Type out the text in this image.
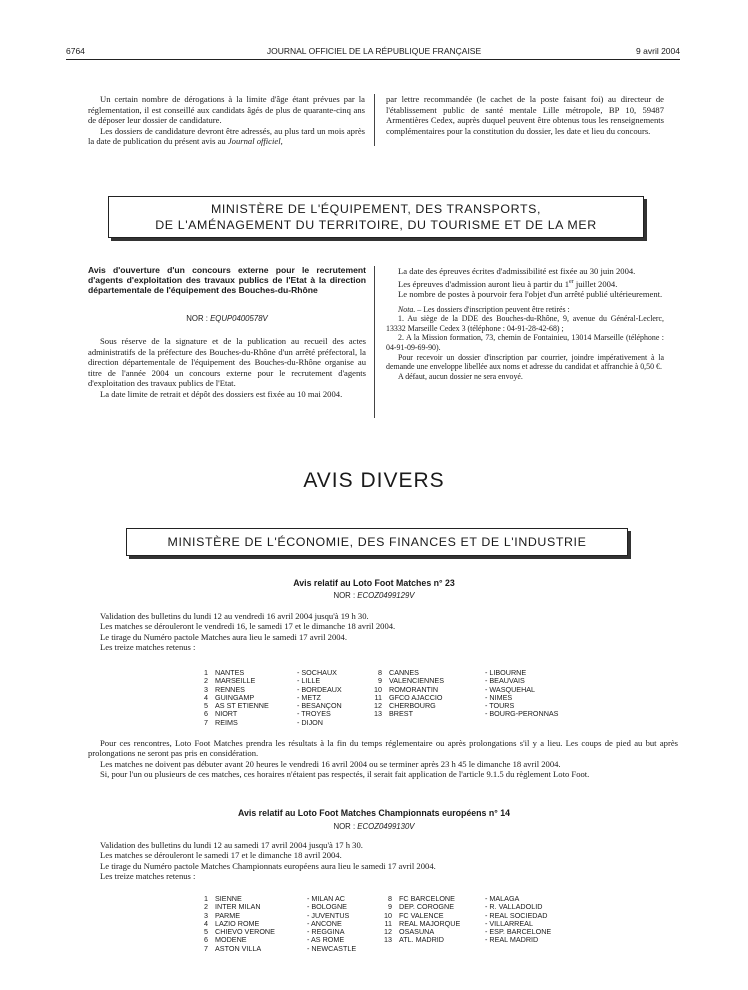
6764	JOURNAL OFFICIEL DE LA RÉPUBLIQUE FRANÇAISE	9 avril 2004

Un certain nombre de dérogations à la limite d'âge étant prévues par la réglementation, il est conseillé aux candidats âgés de plus de quarante-cinq ans de déposer leur dossier de candidature.

Les dossiers de candidature devront être adressés, au plus tard un mois après la date de publication du présent avis au Journal officiel,

par lettre recommandée (le cachet de la poste faisant foi) au directeur de l'établissement public de santé mentale Lille métropole, BP 10, 59487 Armentières Cedex, auprès duquel peuvent être obtenus tous les renseignements complémentaires pour la constitution du dossier, les date et lieu du concours.

MINISTÈRE DE L'ÉQUIPEMENT, DES TRANSPORTS,
DE L'AMÉNAGEMENT DU TERRITOIRE, DU TOURISME ET DE LA MER
Avis d'ouverture d'un concours externe pour le recrutement d'agents d'exploitation des travaux publics de l'Etat à la direction départementale de l'équipement des Bouches-du-Rhône
NOR : EQUP0400578V

Sous réserve de la signature et de la publication au recueil des actes administratifs de la préfecture des Bouches-du-Rhône d'un arrêté préfectoral, la direction départementale de l'équipement des Bouches-du-Rhône organise au titre de l'année 2004 un concours externe pour le recrutement d'agents d'exploitation des travaux publics de l'Etat.

La date limite de retrait et dépôt des dossiers est fixée au 10 mai 2004.

La date des épreuves écrites d'admissibilité est fixée au 30 juin 2004.

Les épreuves d'admission auront lieu à partir du 1er juillet 2004.

Le nombre de postes à pourvoir fera l'objet d'un arrêté publié ultérieurement.

Nota. – Les dossiers d'inscription peuvent être retirés :

1. Au siège de la DDE des Bouches-du-Rhône, 9, avenue du Général-Leclerc, 13332 Marseille Cedex 3 (téléphone : 04-91-28-42-68) ;

2. A la Mission formation, 73, chemin de Fontainieu, 13014 Marseille (téléphone : 04-91-09-69-90).

Pour recevoir un dossier d'inscription par courrier, joindre impérativement à la demande une enveloppe libellée aux noms et adresse du candidat et affranchie à 0,50 €.

A défaut, aucun dossier ne sera envoyé.

AVIS DIVERS
MINISTÈRE DE L'ÉCONOMIE, DES FINANCES ET DE L'INDUSTRIE
Avis relatif au Loto Foot Matches n° 23
NOR : ECOZ0499129V

Validation des bulletins du lundi 12 au vendredi 16 avril 2004 jusqu'à 19 h 30.

Les matches se dérouleront le vendredi 16, le samedi 17 et le dimanche 18 avril 2004.

Le tirage du Numéro pactole Matches aura lieu le samedi 17 avril 2004.

Les treize matches retenus :

1	NANTES	- SOCHAUX
2	MARSEILLE	- LILLE
3	RENNES	- BORDEAUX
4	GUINGAMP	- METZ
5	AS ST ETIENNE	- BESANÇON
6	NIORT	- TROYES
7	REIMS	- DIJON
8	CANNES	- LIBOURNE
9	VALENCIENNES	- BEAUVAIS
10	ROMORANTIN	- WASQUEHAL
11	GFCO AJACCIO	- NIMES
12	CHERBOURG	- TOURS
13	BREST	- BOURG-PERONNAS

Pour ces rencontres, Loto Foot Matches prendra les résultats à la fin du temps réglementaire ou après prolongations s'il y a lieu. Les coups de pied au but après prolongations ne seront pas pris en considération.

Les matches ne doivent pas débuter avant 20 heures le vendredi 16 avril 2004 ou se terminer après 23 h 45 le dimanche 18 avril 2004.

Si, pour l'un ou plusieurs de ces matches, ces horaires n'étaient pas respectés, il serait fait application de l'article 9.1.5 du règlement Loto Foot.

Avis relatif au Loto Foot Matches Championnats européens n° 14
NOR : ECOZ0499130V

Validation des bulletins du lundi 12 au samedi 17 avril 2004 jusqu'à 17 h 30.

Les matches se dérouleront le samedi 17 et le dimanche 18 avril 2004.

Le tirage du Numéro pactole Matches Championnats européens aura lieu le samedi 17 avril 2004.

Les treize matches retenus :

1	SIENNE	- MILAN AC
2	INTER MILAN	- BOLOGNE
3	PARME	- JUVENTUS
4	LAZIO ROME	- ANCONE
5	CHIEVO VERONE	- REGGINA
6	MODENE	- AS ROME
7	ASTON VILLA	- NEWCASTLE
8	FC BARCELONE	- MALAGA
9	DEP. COROGNE	- R. VALLADOLID
10	FC VALENCE	- REAL SOCIEDAD
11	REAL MAJORQUE	- VILLARREAL
12	OSASUNA	- ESP. BARCELONE
13	ATL. MADRID	- REAL MADRID
